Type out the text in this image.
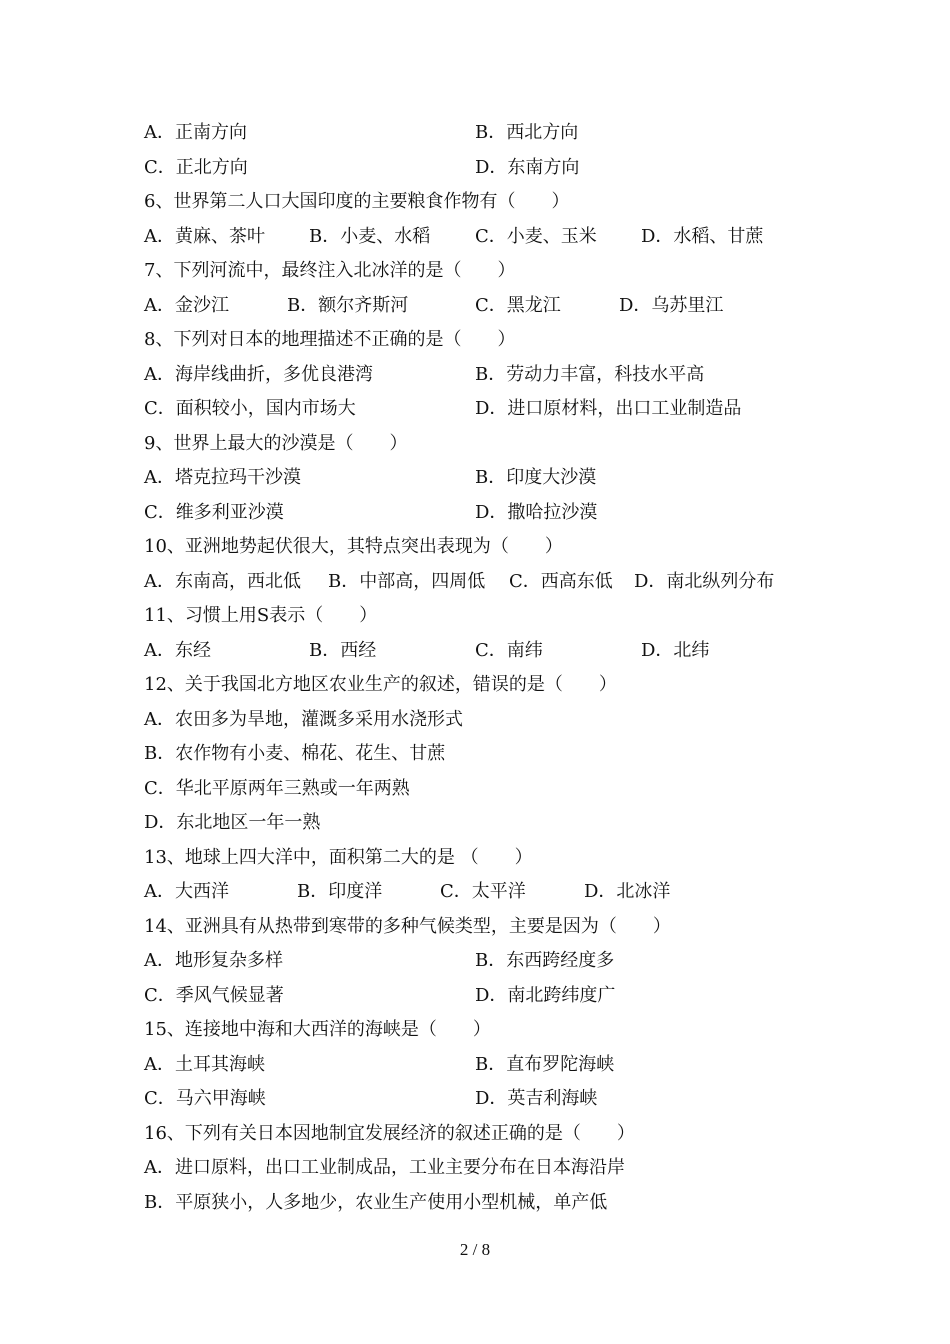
A．正南方向	B．西北方向
C．正北方向	D．东南方向
6、世界第二人口大国印度的主要粮食作物有（　　）
A．黄麻、茶叶 B．小麦、水稻 C．小麦、玉米 D．水稻、甘蔗
7、下列河流中，最终注入北冰洋的是（　　）
A．金沙江	B．额尔齐斯河	C．黑龙江	D．乌苏里江
8、下列对日本的地理描述不正确的是（　　）
A．海岸线曲折，多优良港湾	B．劳动力丰富，科技水平高
C．面积较小，国内市场大	D．进口原材料，出口工业制造品
9、世界上最大的沙漠是（　　）
A．塔克拉玛干沙漠	B．印度大沙漠
C．维多利亚沙漠	D．撒哈拉沙漠
10、亚洲地势起伏很大，其特点突出表现为（　　）
A．东南高，西北低 B．中部高，四周低 C．西高东低 D．南北纵列分布
11、习惯上用S表示（　　）
A．东经	B．西经	C．南纬	D．北纬
12、关于我国北方地区农业生产的叙述，错误的是（　　）
A．农田多为旱地，灌溉多采用水浇形式
B．农作物有小麦、棉花、花生、甘蔗
C．华北平原两年三熟或一年两熟
D．东北地区一年一熟
13、地球上四大洋中，面积第二大的是 （　　）
A．大西洋	B．印度洋	C．太平洋	D．北冰洋
14、亚洲具有从热带到寒带的多种气候类型，主要是因为（　　）
A．地形复杂多样	B．东西跨经度多
C．季风气候显著	D．南北跨纬度广
15、连接地中海和大西洋的海峡是（　　）
A．土耳其海峡	B．直布罗陀海峡
C．马六甲海峡	D．英吉利海峡
16、下列有关日本因地制宜发展经济的叙述正确的是（　　）
A．进口原料，出口工业制成品，工业主要分布在日本海沿岸
B．平原狭小，人多地少，农业生产使用小型机械，单产低
2 / 8
